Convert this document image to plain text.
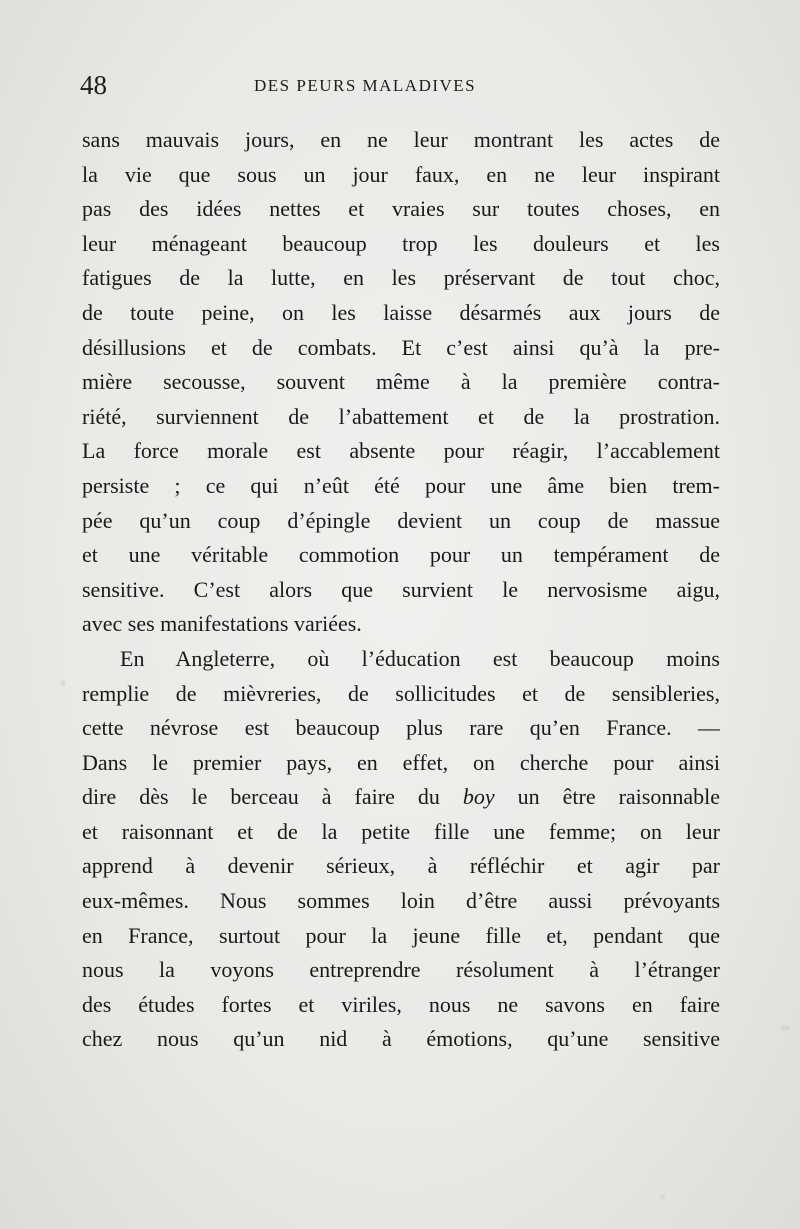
48	DES PEURS MALADIVES
sans mauvais jours, en ne leur montrant les actes de
la vie que sous un jour faux, en ne leur inspirant
pas des idées nettes et vraies sur toutes choses, en
leur ménageant beaucoup trop les douleurs et les
fatigues de la lutte, en les préservant de tout choc,
de toute peine, on les laisse désarmés aux jours de
désillusions et de combats. Et c’est ainsi qu’à la pre-
mière secousse, souvent même à la première contra-
riété, surviennent de l’abattement et de la prostration.
La force morale est absente pour réagir, l’accablement
persiste ; ce qui n’eût été pour une âme bien trem-
pée qu’un coup d’épingle devient un coup de massue
et une véritable commotion pour un tempérament de
sensitive. C’est alors que survient le nervosisme aigu,
avec ses manifestations variées.
En Angleterre, où l’éducation est beaucoup moins
remplie de mièvreries, de sollicitudes et de sensibleries,
cette névrose est beaucoup plus rare qu’en France. —
Dans le premier pays, en effet, on cherche pour ainsi
dire dès le berceau à faire du boy un être raisonnable
et raisonnant et de la petite fille une femme; on leur
apprend à devenir sérieux, à réfléchir et agir par
eux-mêmes. Nous sommes loin d’être aussi prévoyants
en France, surtout pour la jeune fille et, pendant que
nous la voyons entreprendre résolument à l’étranger
des études fortes et viriles, nous ne savons en faire
chez nous qu’un nid à émotions, qu’une sensitive
